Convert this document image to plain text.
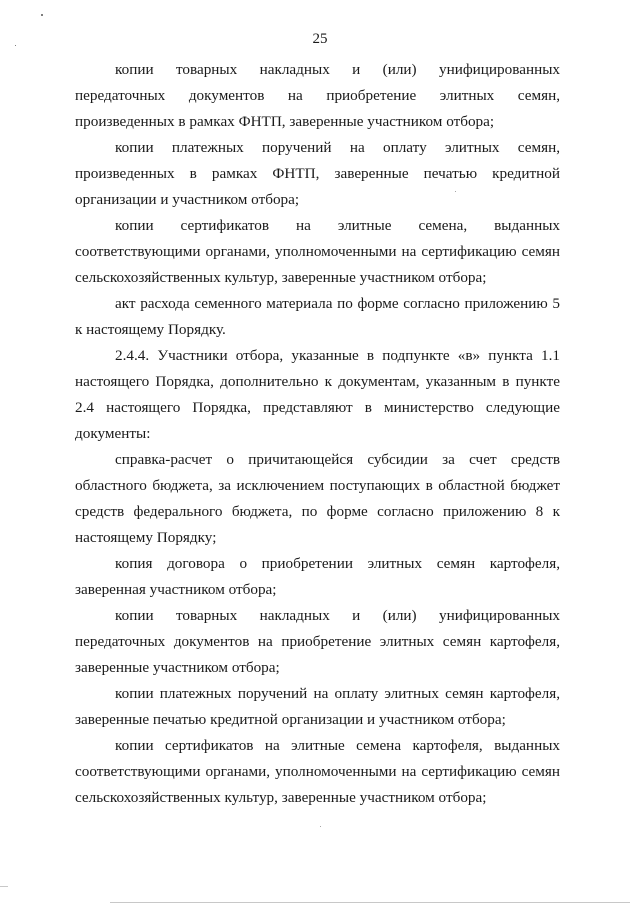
25

копии товарных накладных и (или) унифицированных передаточных документов на приобретение элитных семян, произведенных в рамках ФНТП, заверенные участником отбора;

копии платежных поручений на оплату элитных семян, произведенных в рамках ФНТП, заверенные печатью кредитной организации и участником отбора;

копии сертификатов на элитные семена, выданных соответствующими органами, уполномоченными на сертификацию семян сельскохозяйственных культур, заверенные участником отбора;

акт расхода семенного материала по форме согласно приложению 5 к настоящему Порядку.

2.4.4. Участники отбора, указанные в подпункте «в» пункта 1.1 настоящего Порядка, дополнительно к документам, указанным в пункте 2.4 настоящего Порядка, представляют в министерство следующие документы:

справка-расчет о причитающейся субсидии за счет средств областного бюджета, за исключением поступающих в областной бюджет средств федерального бюджета, по форме согласно приложению 8 к настоящему Порядку;

копия договора о приобретении элитных семян картофеля, заверенная участником отбора;

копии товарных накладных и (или) унифицированных передаточных документов на приобретение элитных семян картофеля, заверенные участником отбора;

копии платежных поручений на оплату элитных семян картофеля, заверенные печатью кредитной организации и участником отбора;

копии сертификатов на элитные семена картофеля, выданных соответствующими органами, уполномоченными на сертификацию семян сельскохозяйственных культур, заверенные участником отбора;
